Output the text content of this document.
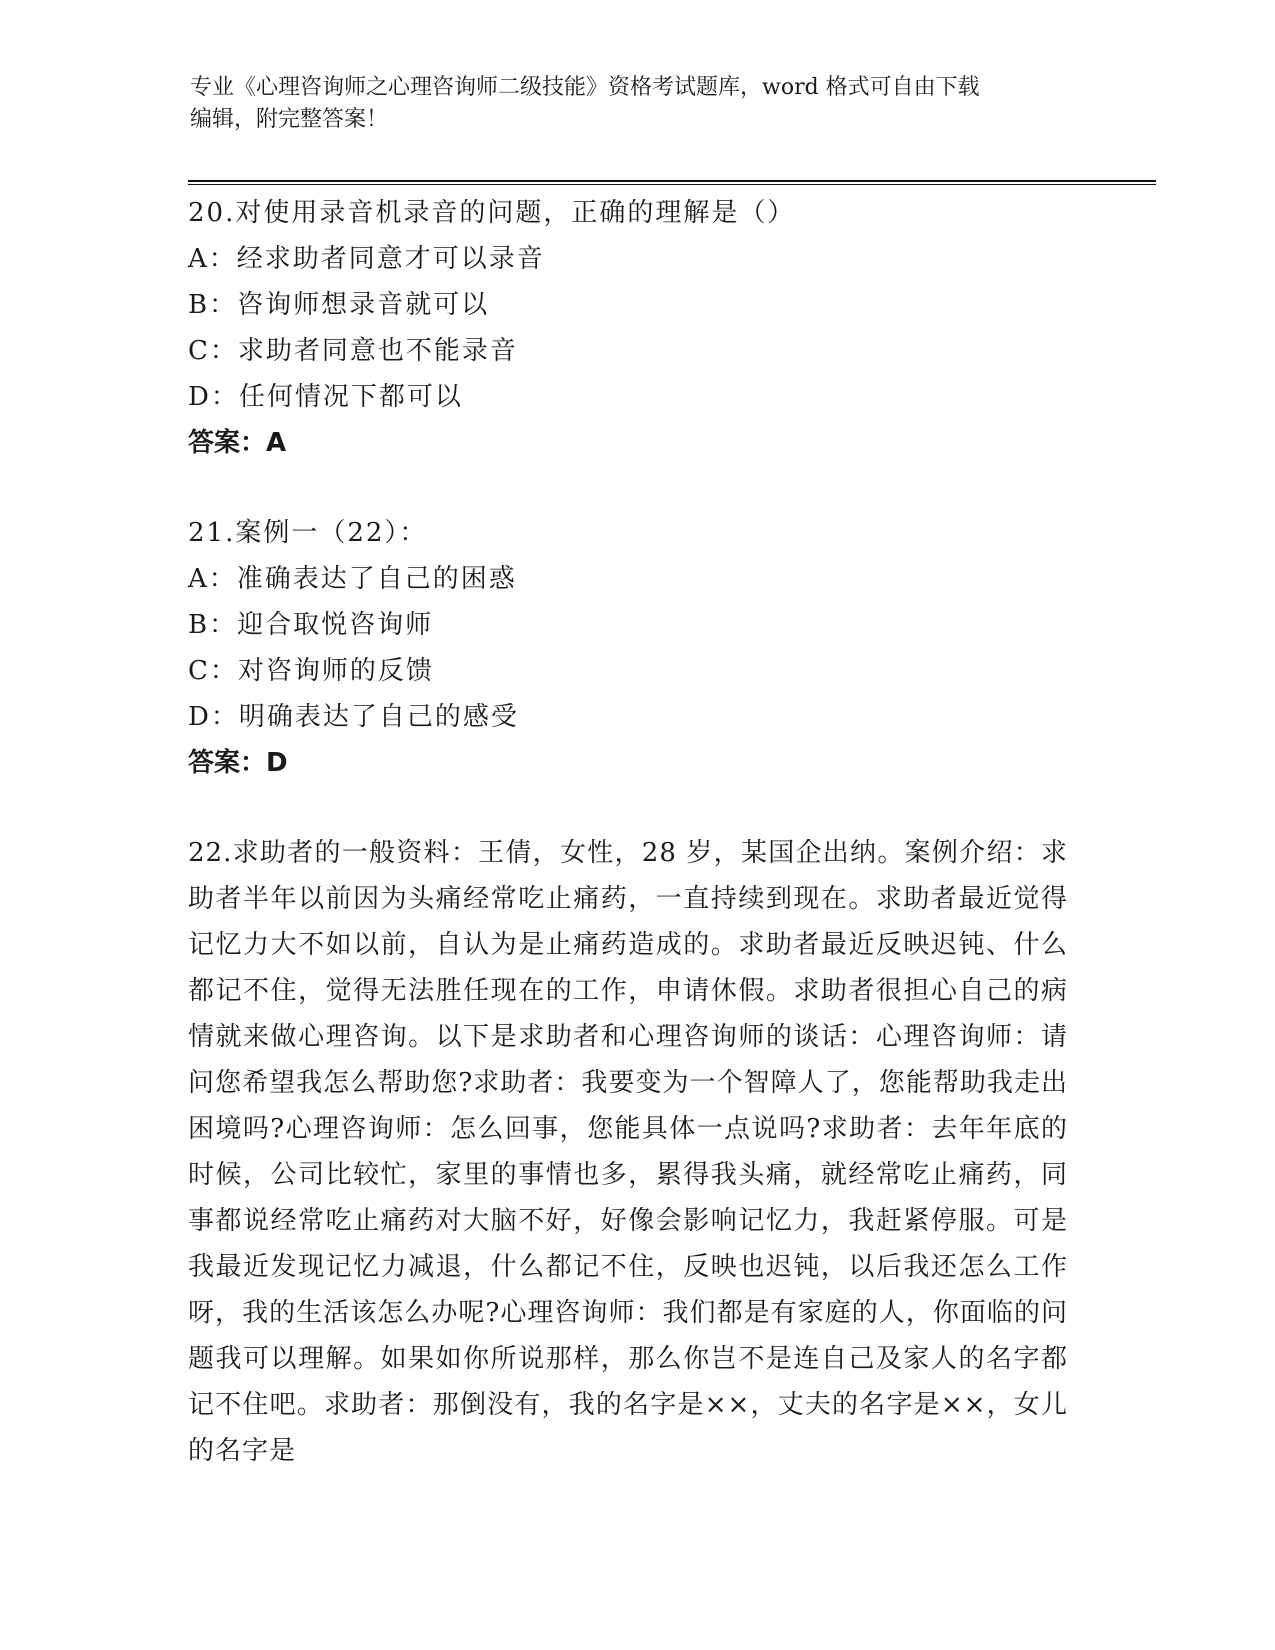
专业《心理咨询师之心理咨询师二级技能》资格考试题库，word 格式可自由下载
编辑，附完整答案！
20.对使用录音机录音的问题，正确的理解是（）
A：经求助者同意才可以录音
B：咨询师想录音就可以
C：求助者同意也不能录音
D：任何情况下都可以
答案：A
21.案例一（22）：
A：准确表达了自己的困惑
B：迎合取悦咨询师
C：对咨询师的反馈
D：明确表达了自己的感受
答案：D
22.求助者的一般资料：王倩，女性，28 岁，某国企出纳。案例介绍：求助者半年以前因为头痛经常吃止痛药，一直持续到现在。求助者最近觉得记忆力大不如以前，自认为是止痛药造成的。求助者最近反映迟钝、什么都记不住，觉得无法胜任现在的工作，申请休假。求助者很担心自己的病情就来做心理咨询。以下是求助者和心理咨询师的谈话：心理咨询师：请问您希望我怎么帮助您?求助者：我要变为一个智障人了，您能帮助我走出困境吗?心理咨询师：怎么回事，您能具体一点说吗?求助者：去年年底的时候，公司比较忙，家里的事情也多，累得我头痛，就经常吃止痛药，同事都说经常吃止痛药对大脑不好，好像会影响记忆力，我赶紧停服。可是我最近发现记忆力减退，什么都记不住，反映也迟钝，以后我还怎么工作呀，我的生活该怎么办呢?心理咨询师：我们都是有家庭的人，你面临的问题我可以理解。如果如你所说那样，那么你岂不是连自己及家人的名字都记不住吧。求助者：那倒没有，我的名字是××，丈夫的名字是××，女儿的名字是
